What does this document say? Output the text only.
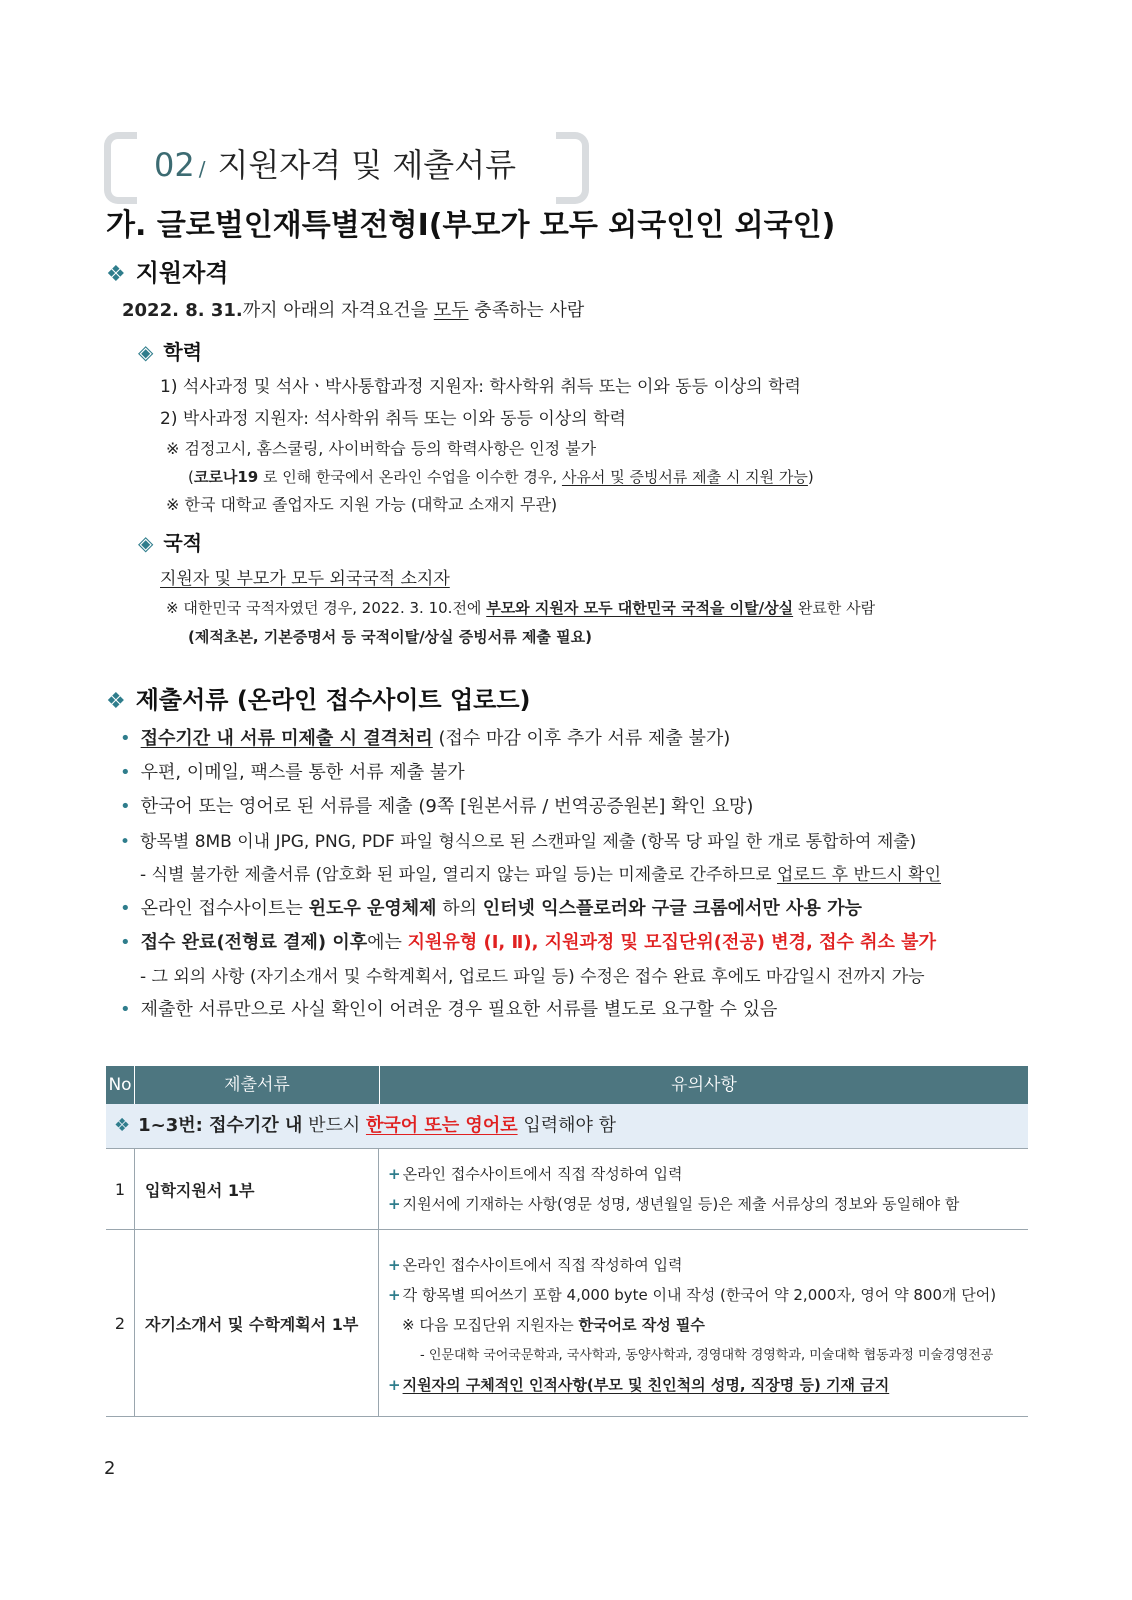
02 / 지원자격 및 제출서류
가. 글로벌인재특별전형Ⅰ(부모가 모두 외국인인 외국인)
❖ 지원자격
2022. 8. 31.까지 아래의 자격요건을 모두 충족하는 사람
◈ 학력
1) 석사과정 및 석사ㆍ박사통합과정 지원자: 학사학위 취득 또는 이와 동등 이상의 학력
2) 박사과정 지원자: 석사학위 취득 또는 이와 동등 이상의 학력
※ 검정고시, 홈스쿨링, 사이버학습 등의 학력사항은 인정 불가
(코로나19 로 인해 한국에서 온라인 수업을 이수한 경우, 사유서 및 증빙서류 제출 시 지원 가능)
※ 한국 대학교 졸업자도 지원 가능 (대학교 소재지 무관)
◈ 국적
지원자 및 부모가 모두 외국국적 소지자
※ 대한민국 국적자였던 경우, 2022. 3. 10.전에 부모와 지원자 모두 대한민국 국적을 이탈/상실 완료한 사람
(제적초본, 기본증명서 등 국적이탈/상실 증빙서류 제출 필요)
❖ 제출서류 (온라인 접수사이트 업로드)
• 접수기간 내 서류 미제출 시 결격처리 (접수 마감 이후 추가 서류 제출 불가)
• 우편, 이메일, 팩스를 통한 서류 제출 불가
• 한국어 또는 영어로 된 서류를 제출 (9쪽 [원본서류 / 번역공증원본] 확인 요망)
• 항목별 8MB 이내 JPG, PNG, PDF 파일 형식으로 된 스캔파일 제출 (항목 당 파일 한 개로 통합하여 제출)
- 식별 불가한 제출서류 (암호화 된 파일, 열리지 않는 파일 등)는 미제출로 간주하므로 업로드 후 반드시 확인
• 온라인 접수사이트는 윈도우 운영체제 하의 인터넷 익스플로러와 구글 크롬에서만 사용 가능
• 접수 완료(전형료 결제) 이후에는 지원유형 (Ⅰ, Ⅱ), 지원과정 및 모집단위(전공) 변경, 접수 취소 불가
- 그 외의 사항 (자기소개서 및 수학계획서, 업로드 파일 등) 수정은 접수 완료 후에도 마감일시 전까지 가능
• 제출한 서류만으로 사실 확인이 어려운 경우 필요한 서류를 별도로 요구할 수 있음
No	제출서류	유의사항
❖ 1~3번: 접수기간 내 반드시 한국어 또는 영어로 입력해야 함
1 입학지원서 1부
+ 온라인 접수사이트에서 직접 작성하여 입력
+ 지원서에 기재하는 사항(영문 성명, 생년월일 등)은 제출 서류상의 정보와 동일해야 함
2 자기소개서 및 수학계획서 1부
+ 온라인 접수사이트에서 직접 작성하여 입력
+ 각 항목별 띄어쓰기 포함 4,000 byte 이내 작성 (한국어 약 2,000자, 영어 약 800개 단어)
※ 다음 모집단위 지원자는 한국어로 작성 필수
- 인문대학 국어국문학과, 국사학과, 동양사학과, 경영대학 경영학과, 미술대학 협동과정 미술경영전공
+ 지원자의 구체적인 인적사항(부모 및 친인척의 성명, 직장명 등) 기재 금지
2
